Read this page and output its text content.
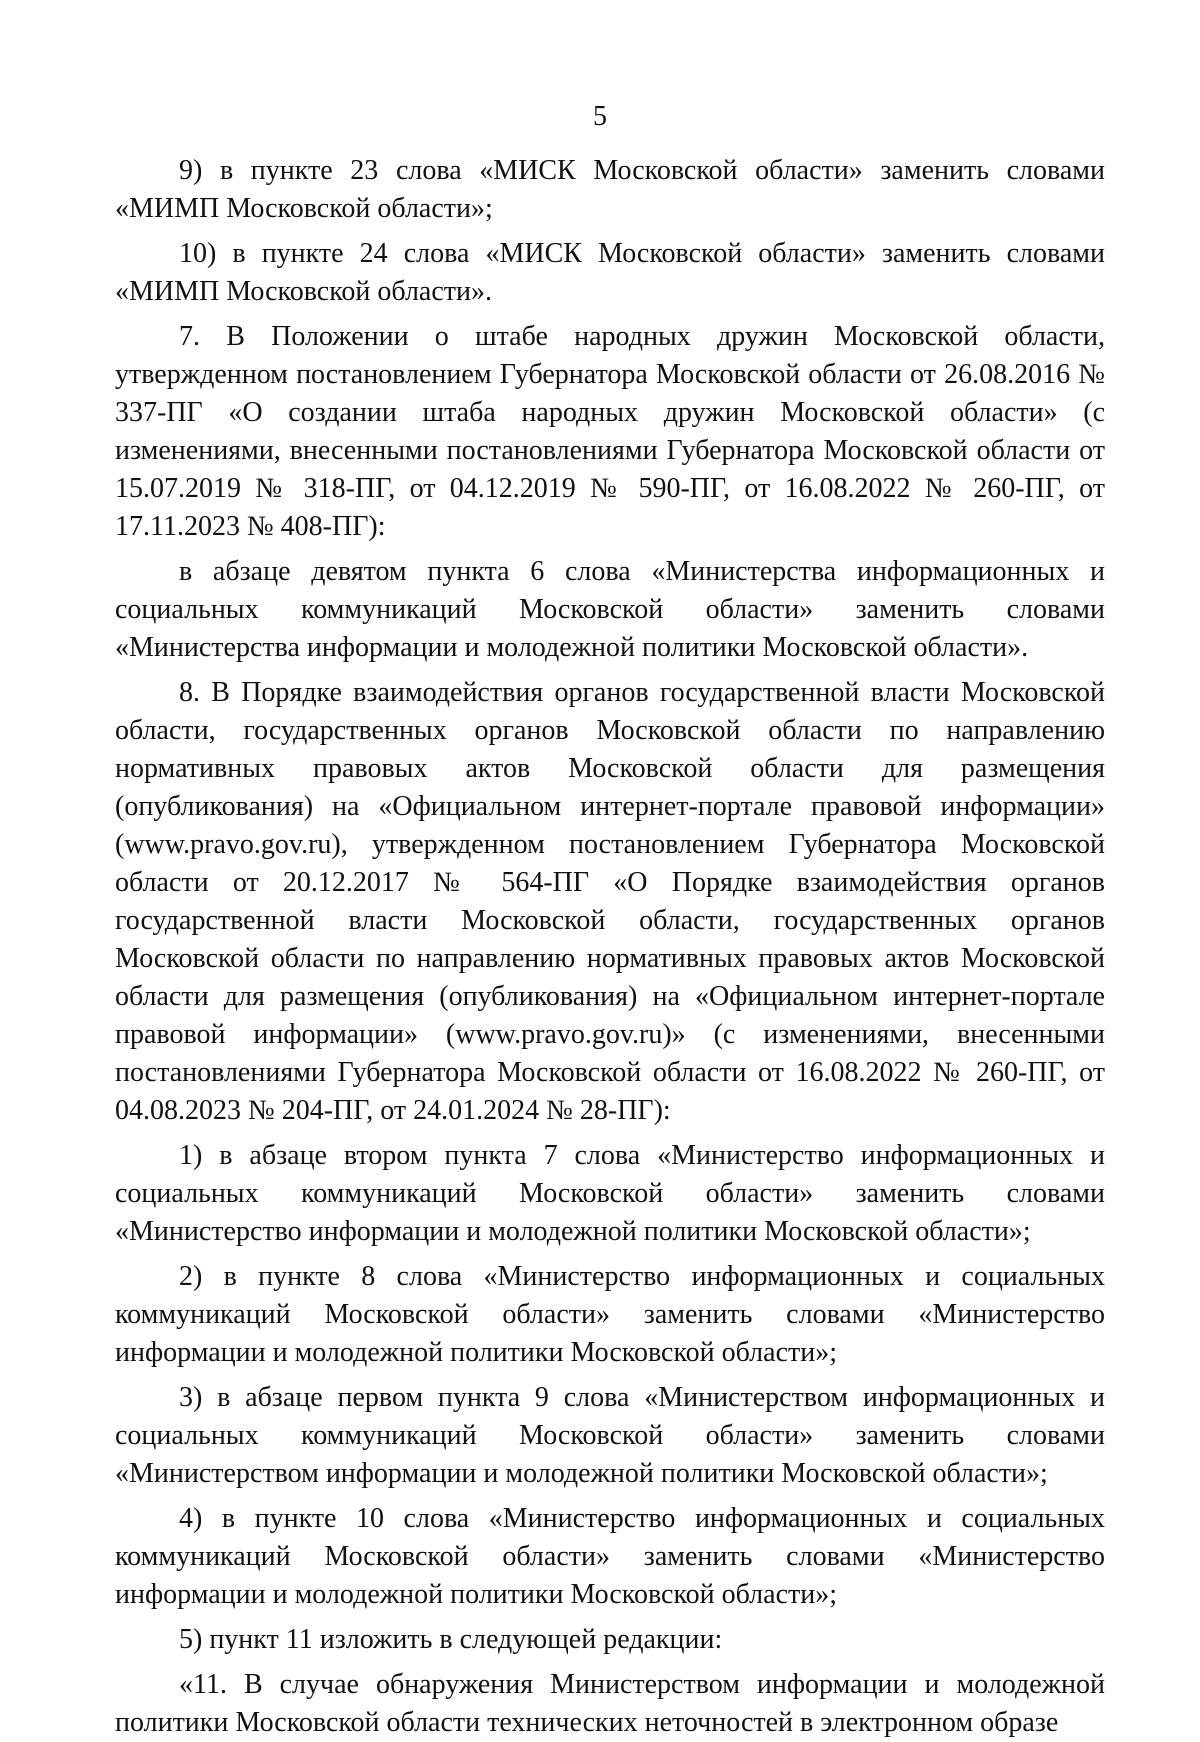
5

9) в пункте 23 слова «МИСК Московской области» заменить словами «МИМП Московской области»;

10) в пункте 24 слова «МИСК Московской области» заменить словами «МИМП Московской области».

7. В Положении о штабе народных дружин Московской области, утвержденном постановлением Губернатора Московской области от 26.08.2016 № 337-ПГ «О создании штаба народных дружин Московской области» (с изменениями, внесенными постановлениями Губернатора Московской области от 15.07.2019 № 318-ПГ, от 04.12.2019 № 590-ПГ, от 16.08.2022 № 260-ПГ, от 17.11.2023 № 408-ПГ):

в абзаце девятом пункта 6 слова «Министерства информационных и социальных коммуникаций Московской области» заменить словами «Министерства информации и молодежной политики Московской области».

8. В Порядке взаимодействия органов государственной власти Московской области, государственных органов Московской области по направлению нормативных правовых актов Московской области для размещения (опубликования) на «Официальном интернет-портале правовой информации» (www.pravo.gov.ru), утвержденном постановлением Губернатора Московской области от 20.12.2017 № 564-ПГ «О Порядке взаимодействия органов государственной власти Московской области, государственных органов Московской области по направлению нормативных правовых актов Московской области для размещения (опубликования) на «Официальном интернет-портале правовой информации» (www.pravo.gov.ru)» (с изменениями, внесенными постановлениями Губернатора Московской области от 16.08.2022 № 260-ПГ, от 04.08.2023 № 204-ПГ, от 24.01.2024 № 28-ПГ):

1) в абзаце втором пункта 7 слова «Министерство информационных и социальных коммуникаций Московской области» заменить словами «Министерство информации и молодежной политики Московской области»;

2) в пункте 8 слова «Министерство информационных и социальных коммуникаций Московской области» заменить словами «Министерство информации и молодежной политики Московской области»;

3) в абзаце первом пункта 9 слова «Министерством информационных и социальных коммуникаций Московской области» заменить словами «Министерством информации и молодежной политики Московской области»;

4) в пункте 10 слова «Министерство информационных и социальных коммуникаций Московской области» заменить словами «Министерство информации и молодежной политики Московской области»;

5) пункт 11 изложить в следующей редакции:

«11. В случае обнаружения Министерством информации и молодежной политики Московской области технических неточностей в электронном образе
